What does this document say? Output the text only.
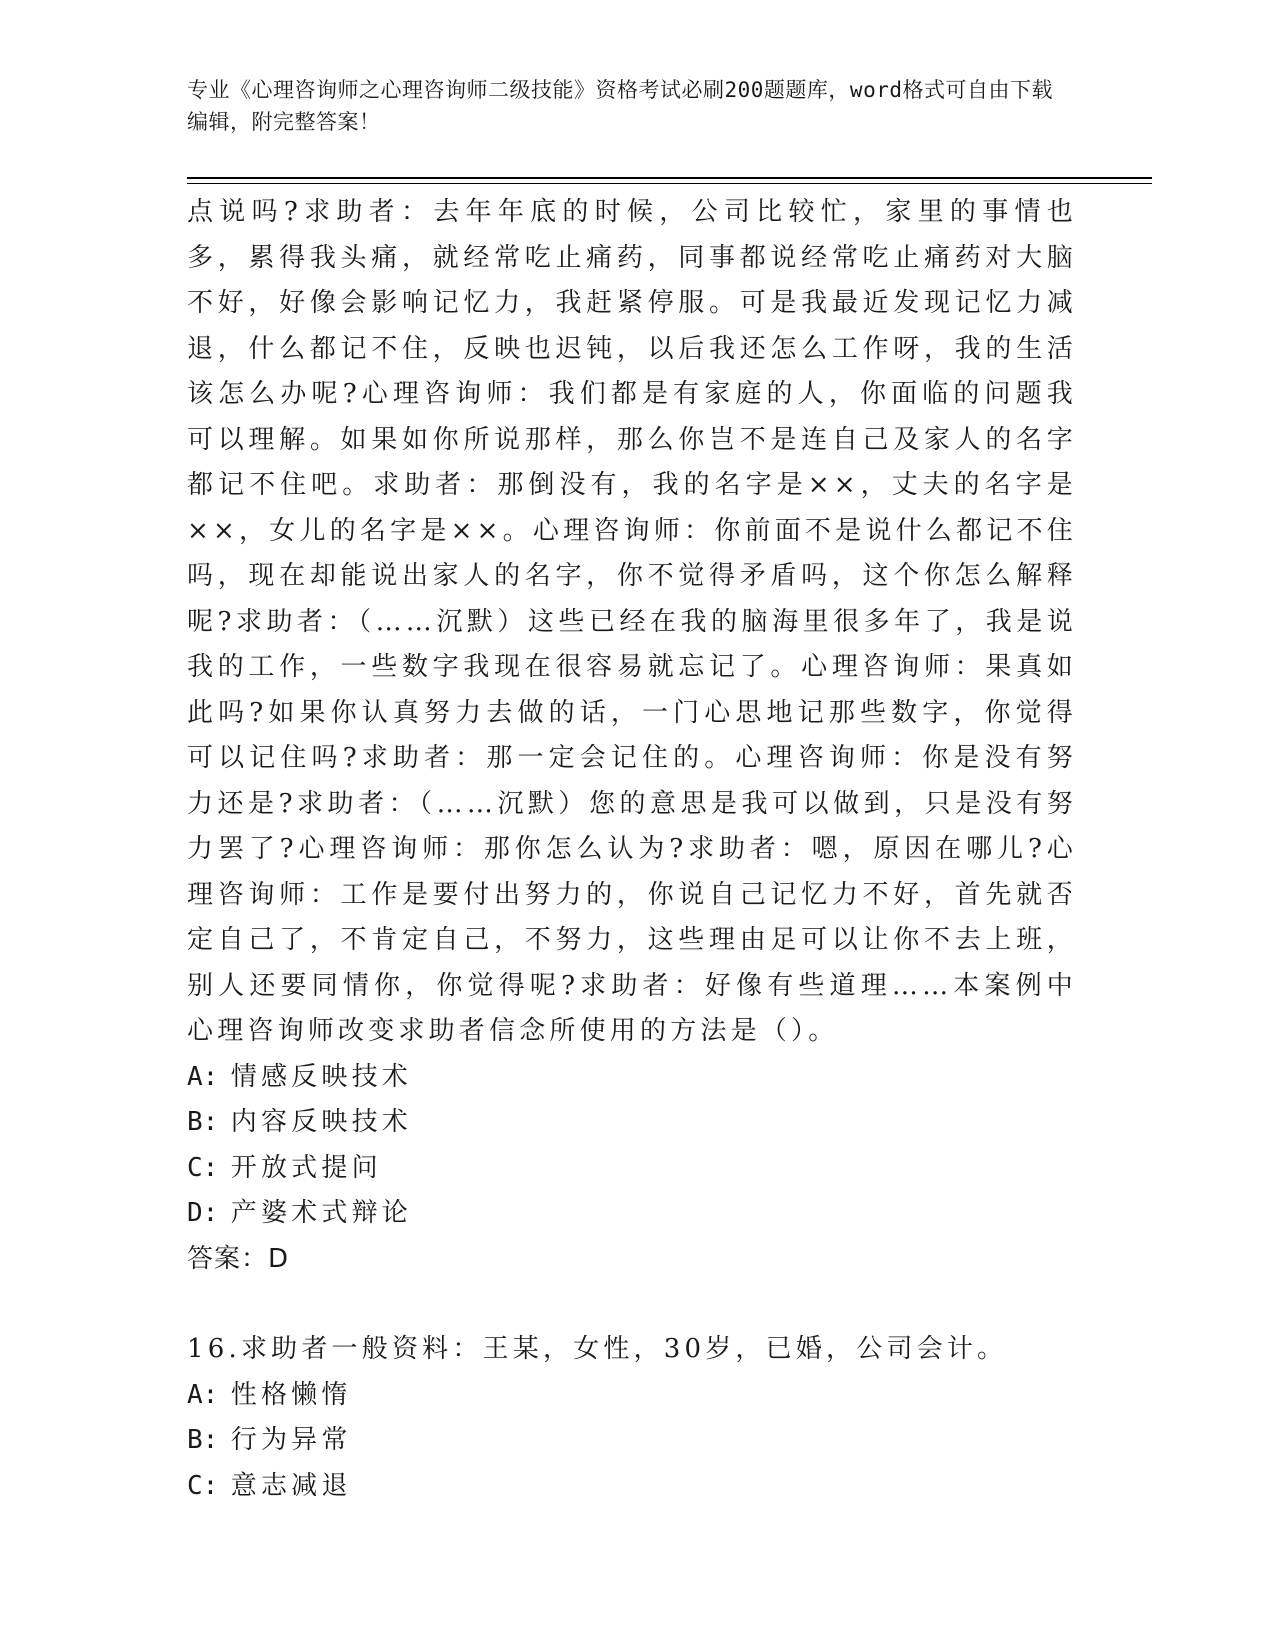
专业《心理咨询师之心理咨询师二级技能》资格考试必刷200题题库，word格式可自由下载编辑，附完整答案！

点说吗?求助者：去年年底的时候，公司比较忙，家里的事情也多，累得我头痛，就经常吃止痛药，同事都说经常吃止痛药对大脑不好，好像会影响记忆力，我赶紧停服。可是我最近发现记忆力减退，什么都记不住，反映也迟钝，以后我还怎么工作呀，我的生活该怎么办呢?心理咨询师：我们都是有家庭的人，你面临的问题我可以理解。如果如你所说那样，那么你岂不是连自己及家人的名字都记不住吧。求助者：那倒没有，我的名字是××，丈夫的名字是××，女儿的名字是××。心理咨询师：你前面不是说什么都记不住吗，现在却能说出家人的名字，你不觉得矛盾吗，这个你怎么解释呢?求助者：（……沉默）这些已经在我的脑海里很多年了，我是说我的工作，一些数字我现在很容易就忘记了。心理咨询师：果真如此吗?如果你认真努力去做的话，一门心思地记那些数字，你觉得可以记住吗?求助者：那一定会记住的。心理咨询师：你是没有努力还是?求助者：（……沉默）您的意思是我可以做到，只是没有努力罢了?心理咨询师：那你怎么认为?求助者：嗯，原因在哪儿?心理咨询师：工作是要付出努力的，你说自己记忆力不好，首先就否定自己了，不肯定自己，不努力，这些理由足可以让你不去上班，别人还要同情你，你觉得呢?求助者：好像有些道理……本案例中心理咨询师改变求助者信念所使用的方法是（）。

A: 情感反映技术

B: 内容反映技术

C: 开放式提问

D: 产婆术式辩论

答案：D

16.求助者一般资料：王某，女性，30岁，已婚，公司会计。

A: 性格懒惰

B: 行为异常

C: 意志减退
